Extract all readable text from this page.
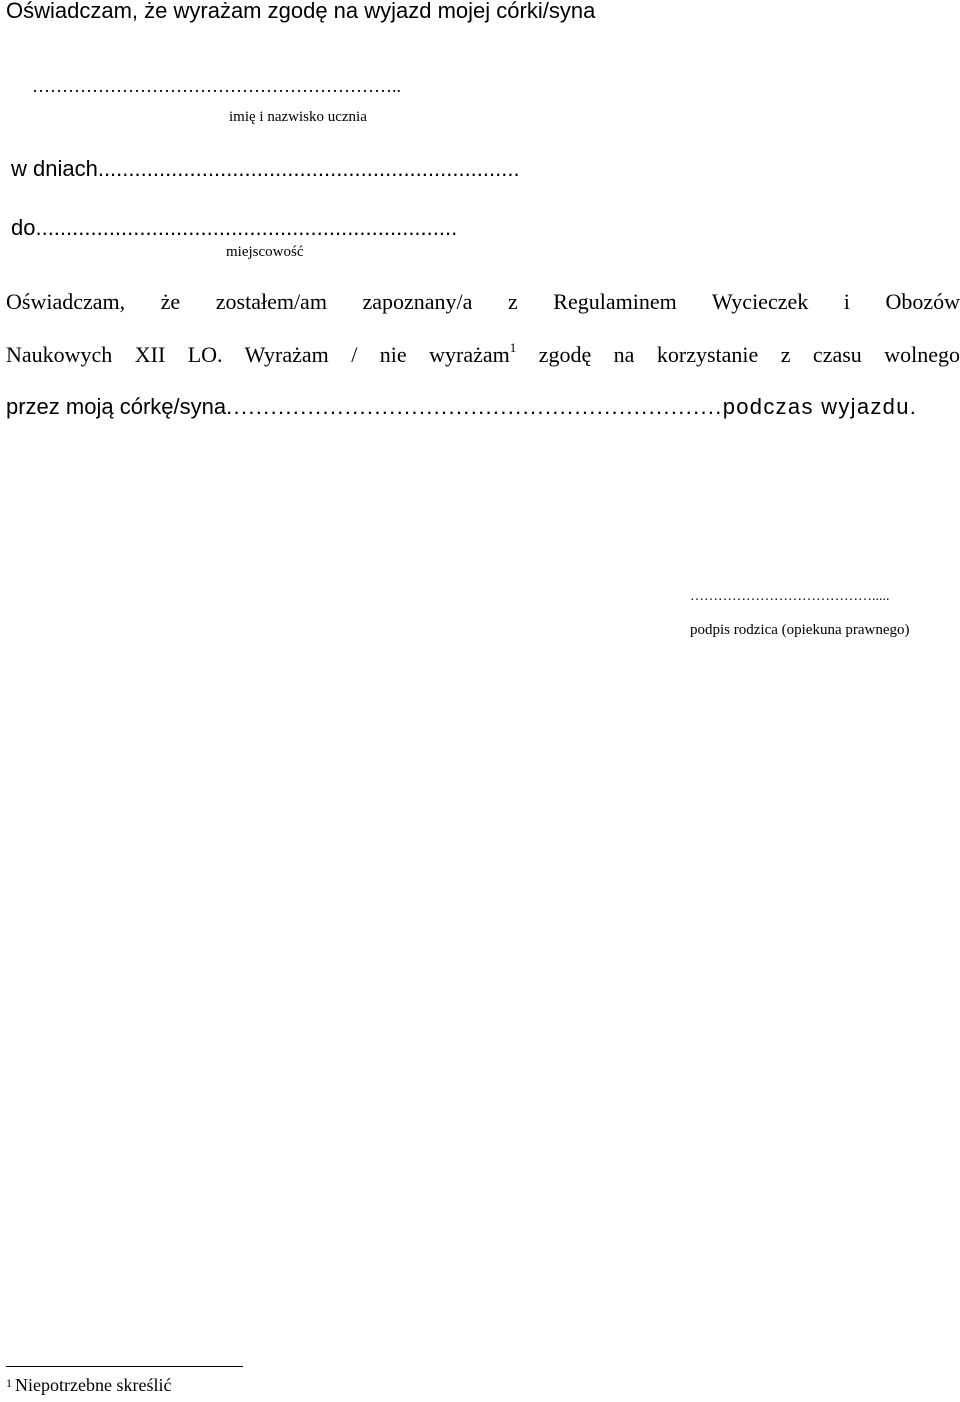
Oświadczam, że wyrażam zgodę na wyjazd mojej córki/syna
……………………………………………………..
imię i nazwisko ucznia
w dniach.....................................................................
do.....................................................................
miejscowość
Oświadczam, że zostałem/am zapoznany/a z Regulaminem Wycieczek i Obozów
Naukowych XII LO. Wyrażam / nie wyrażam$^1$ zgodę na korzystanie z czasu wolnego
przez moją córkę/syna...................................................................podczas wyjazdu.
………………………………….....
podpis rodzica (opiekuna prawnego)
$^1$ Niepotrzebne skreślić
